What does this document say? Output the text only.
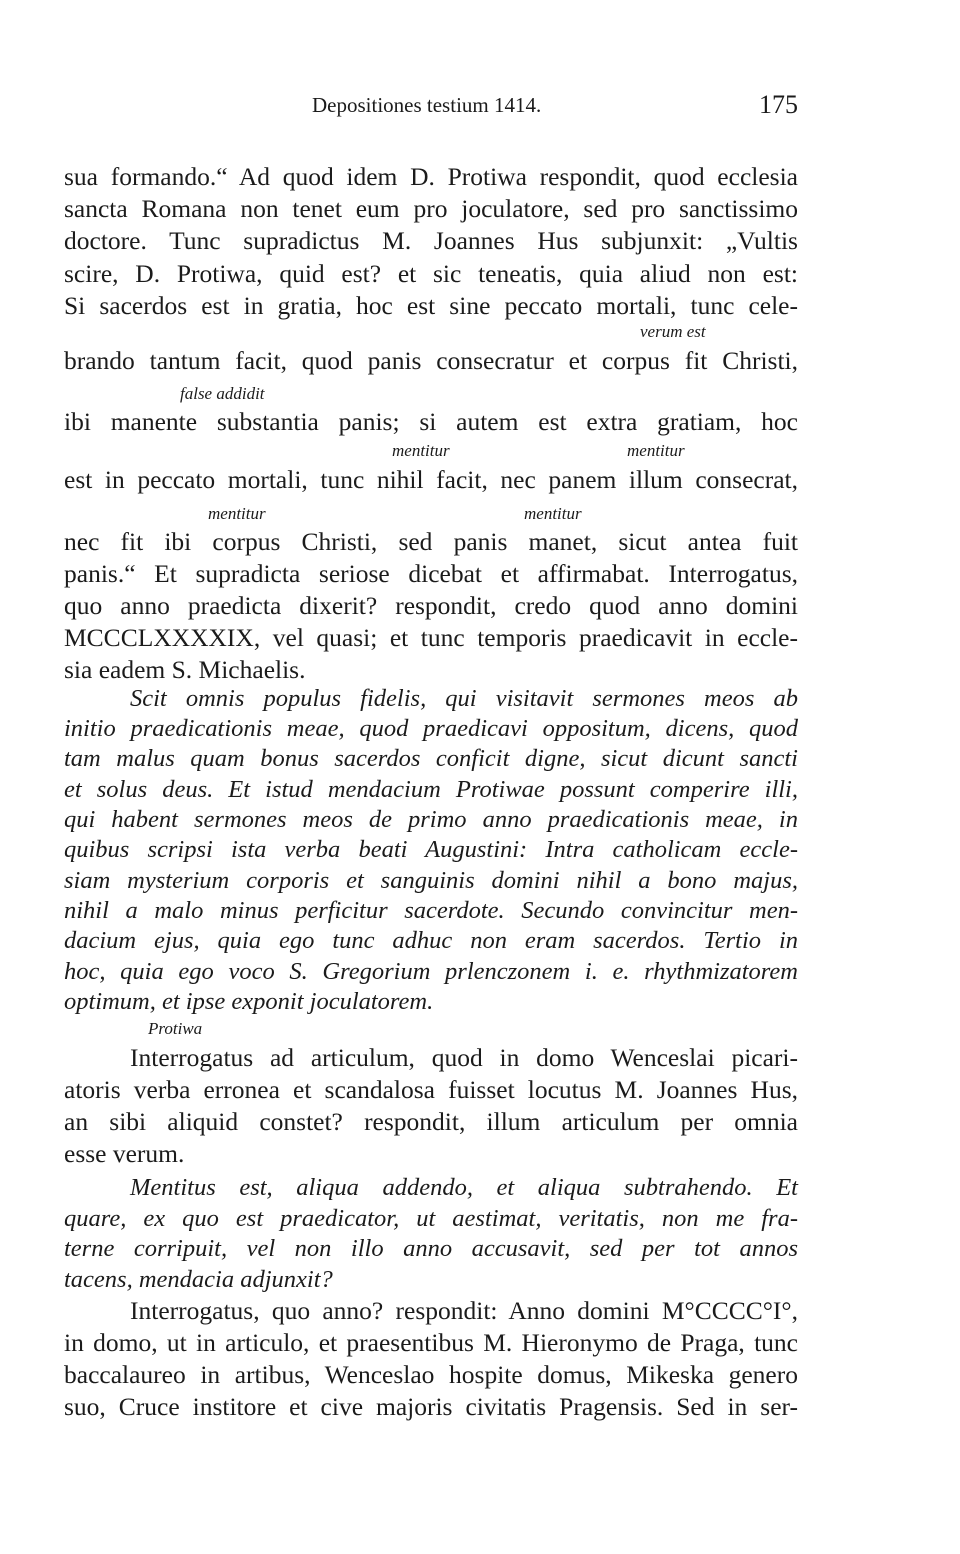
Depositiones testium 1414.	175
sua formando.“ Ad quod idem D. Protiwa respondit, quod ecclesia
sancta Romana non tenet eum pro joculatore, sed pro sanctissimo
doctore. Tunc supradictus M. Joannes Hus subjunxit: „Vultis
scire, D. Protiwa, quid est? et sic teneatis, quia aliud non est:
Si sacerdos est in gratia, hoc est sine peccato mortali, tunc cele-
verum est
brando tantum facit, quod panis consecratur et corpus fit Christi,
false addidit
ibi manente substantia panis; si autem est extra gratiam, hoc
mentitur	mentitur
est in peccato mortali, tunc nihil facit, nec panem illum consecrat,
mentitur	mentitur
nec fit ibi corpus Christi, sed panis manet, sicut antea fuit
panis.“ Et supradicta seriose dicebat et affirmabat. Interrogatus,
quo anno praedicta dixerit? respondit, credo quod anno domini
MCCCLXXXXIX, vel quasi; et tunc temporis praedicavit in eccle-
sia eadem S. Michaelis.
Scit omnis populus fidelis, qui visitavit sermones meos ab
initio praedicationis meae, quod praedicavi oppositum, dicens, quod
tam malus quam bonus sacerdos conficit digne, sicut dicunt sancti
et solus deus. Et istud mendacium Protiwae possunt comperire illi,
qui habent sermones meos de primo anno praedicationis meae, in
quibus scripsi ista verba beati Augustini: Intra catholicam eccle-
siam mysterium corporis et sanguinis domini nihil a bono majus,
nihil a malo minus perficitur sacerdote. Secundo convincitur men-
dacium ejus, quia ego tunc adhuc non eram sacerdos. Tertio in
hoc, quia ego voco S. Gregorium prlenczonem i. e. rhythmizatorem
optimum, et ipse exponit joculatorem.
Protiwa
Interrogatus ad articulum, quod in domo Wenceslai picari-
atoris verba erronea et scandalosa fuisset locutus M. Joannes Hus,
an sibi aliquid constet? respondit, illum articulum per omnia
esse verum.
Mentitus est, aliqua addendo, et aliqua subtrahendo. Et
quare, ex quo est praedicator, ut aestimat, veritatis, non me fra-
terne corripuit, vel non illo anno accusavit, sed per tot annos
tacens, mendacia adjunxit?
Interrogatus, quo anno? respondit: Anno domini M°CCCC°I°,
in domo, ut in articulo, et praesentibus M. Hieronymo de Praga, tunc
baccalaureo in artibus, Wenceslao hospite domus, Mikeska genero
suo, Cruce institore et cive majoris civitatis Pragensis. Sed in ser-
